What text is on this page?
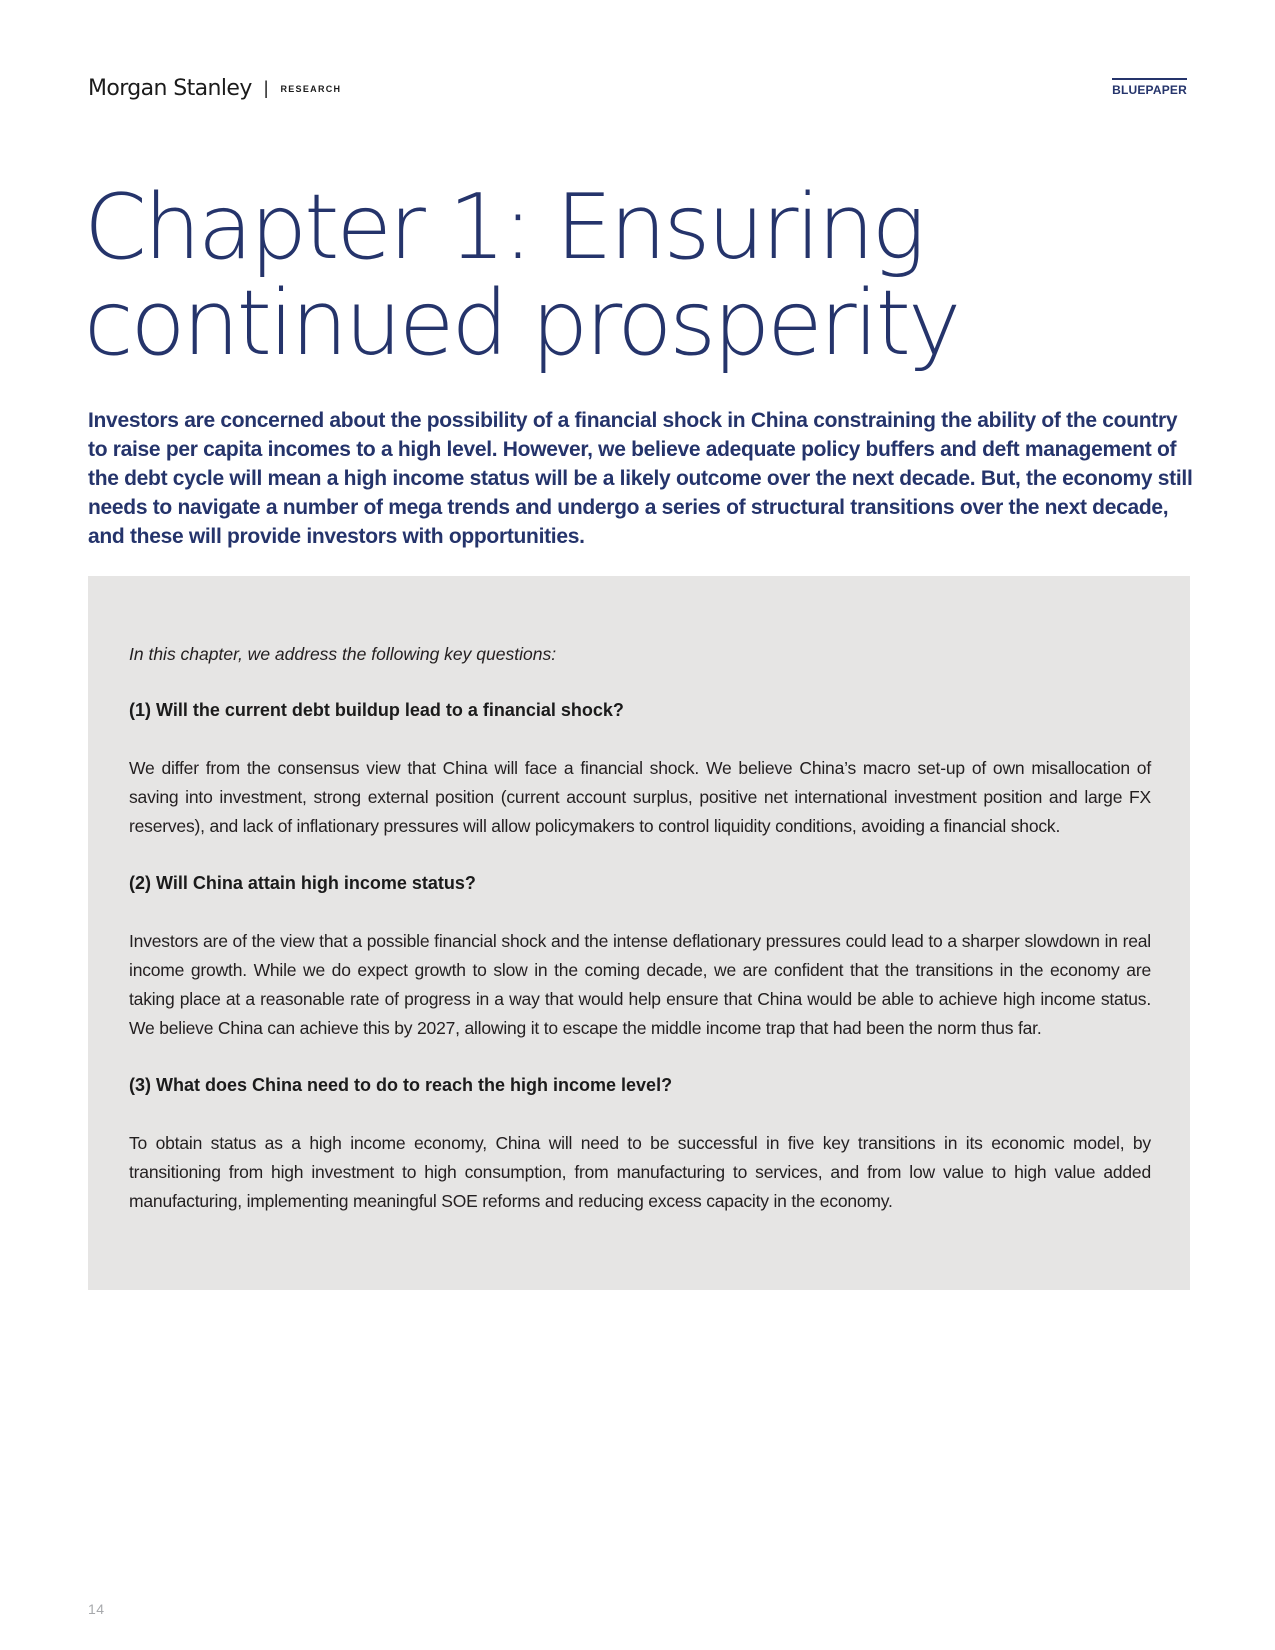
Morgan Stanley | RESEARCH	BLUEPAPER
Chapter 1: Ensuring continued prosperity

Investors are concerned about the possibility of a financial shock in China constraining the ability of the country to raise per capita incomes to a high level. However, we believe adequate policy buffers and deft management of the debt cycle will mean a high income status will be a likely outcome over the next decade. But, the economy still needs to navigate a number of mega trends and undergo a series of structural transitions over the next decade, and these will provide investors with opportunities.

In this chapter, we address the following key questions:

(1) Will the current debt buildup lead to a financial shock?

We differ from the consensus view that China will face a financial shock. We believe China’s macro set-up of own misallocation of saving into investment, strong external position (current account surplus, positive net international investment position and large FX reserves), and lack of inflationary pressures will allow policymakers to control liquidity conditions, avoiding a financial shock.

(2) Will China attain high income status?

Investors are of the view that a possible financial shock and the intense deflationary pressures could lead to a sharper slowdown in real income growth. While we do expect growth to slow in the coming decade, we are confident that the transitions in the economy are taking place at a reasonable rate of progress in a way that would help ensure that China would be able to achieve high income status. We believe China can achieve this by 2027, allowing it to escape the middle income trap that had been the norm thus far.

(3) What does China need to do to reach the high income level?

To obtain status as a high income economy, China will need to be successful in five key transitions in its economic model, by transitioning from high investment to high consumption, from manufacturing to services, and from low value to high value added manufacturing, implementing meaningful SOE reforms and reducing excess capacity in the economy.

14
